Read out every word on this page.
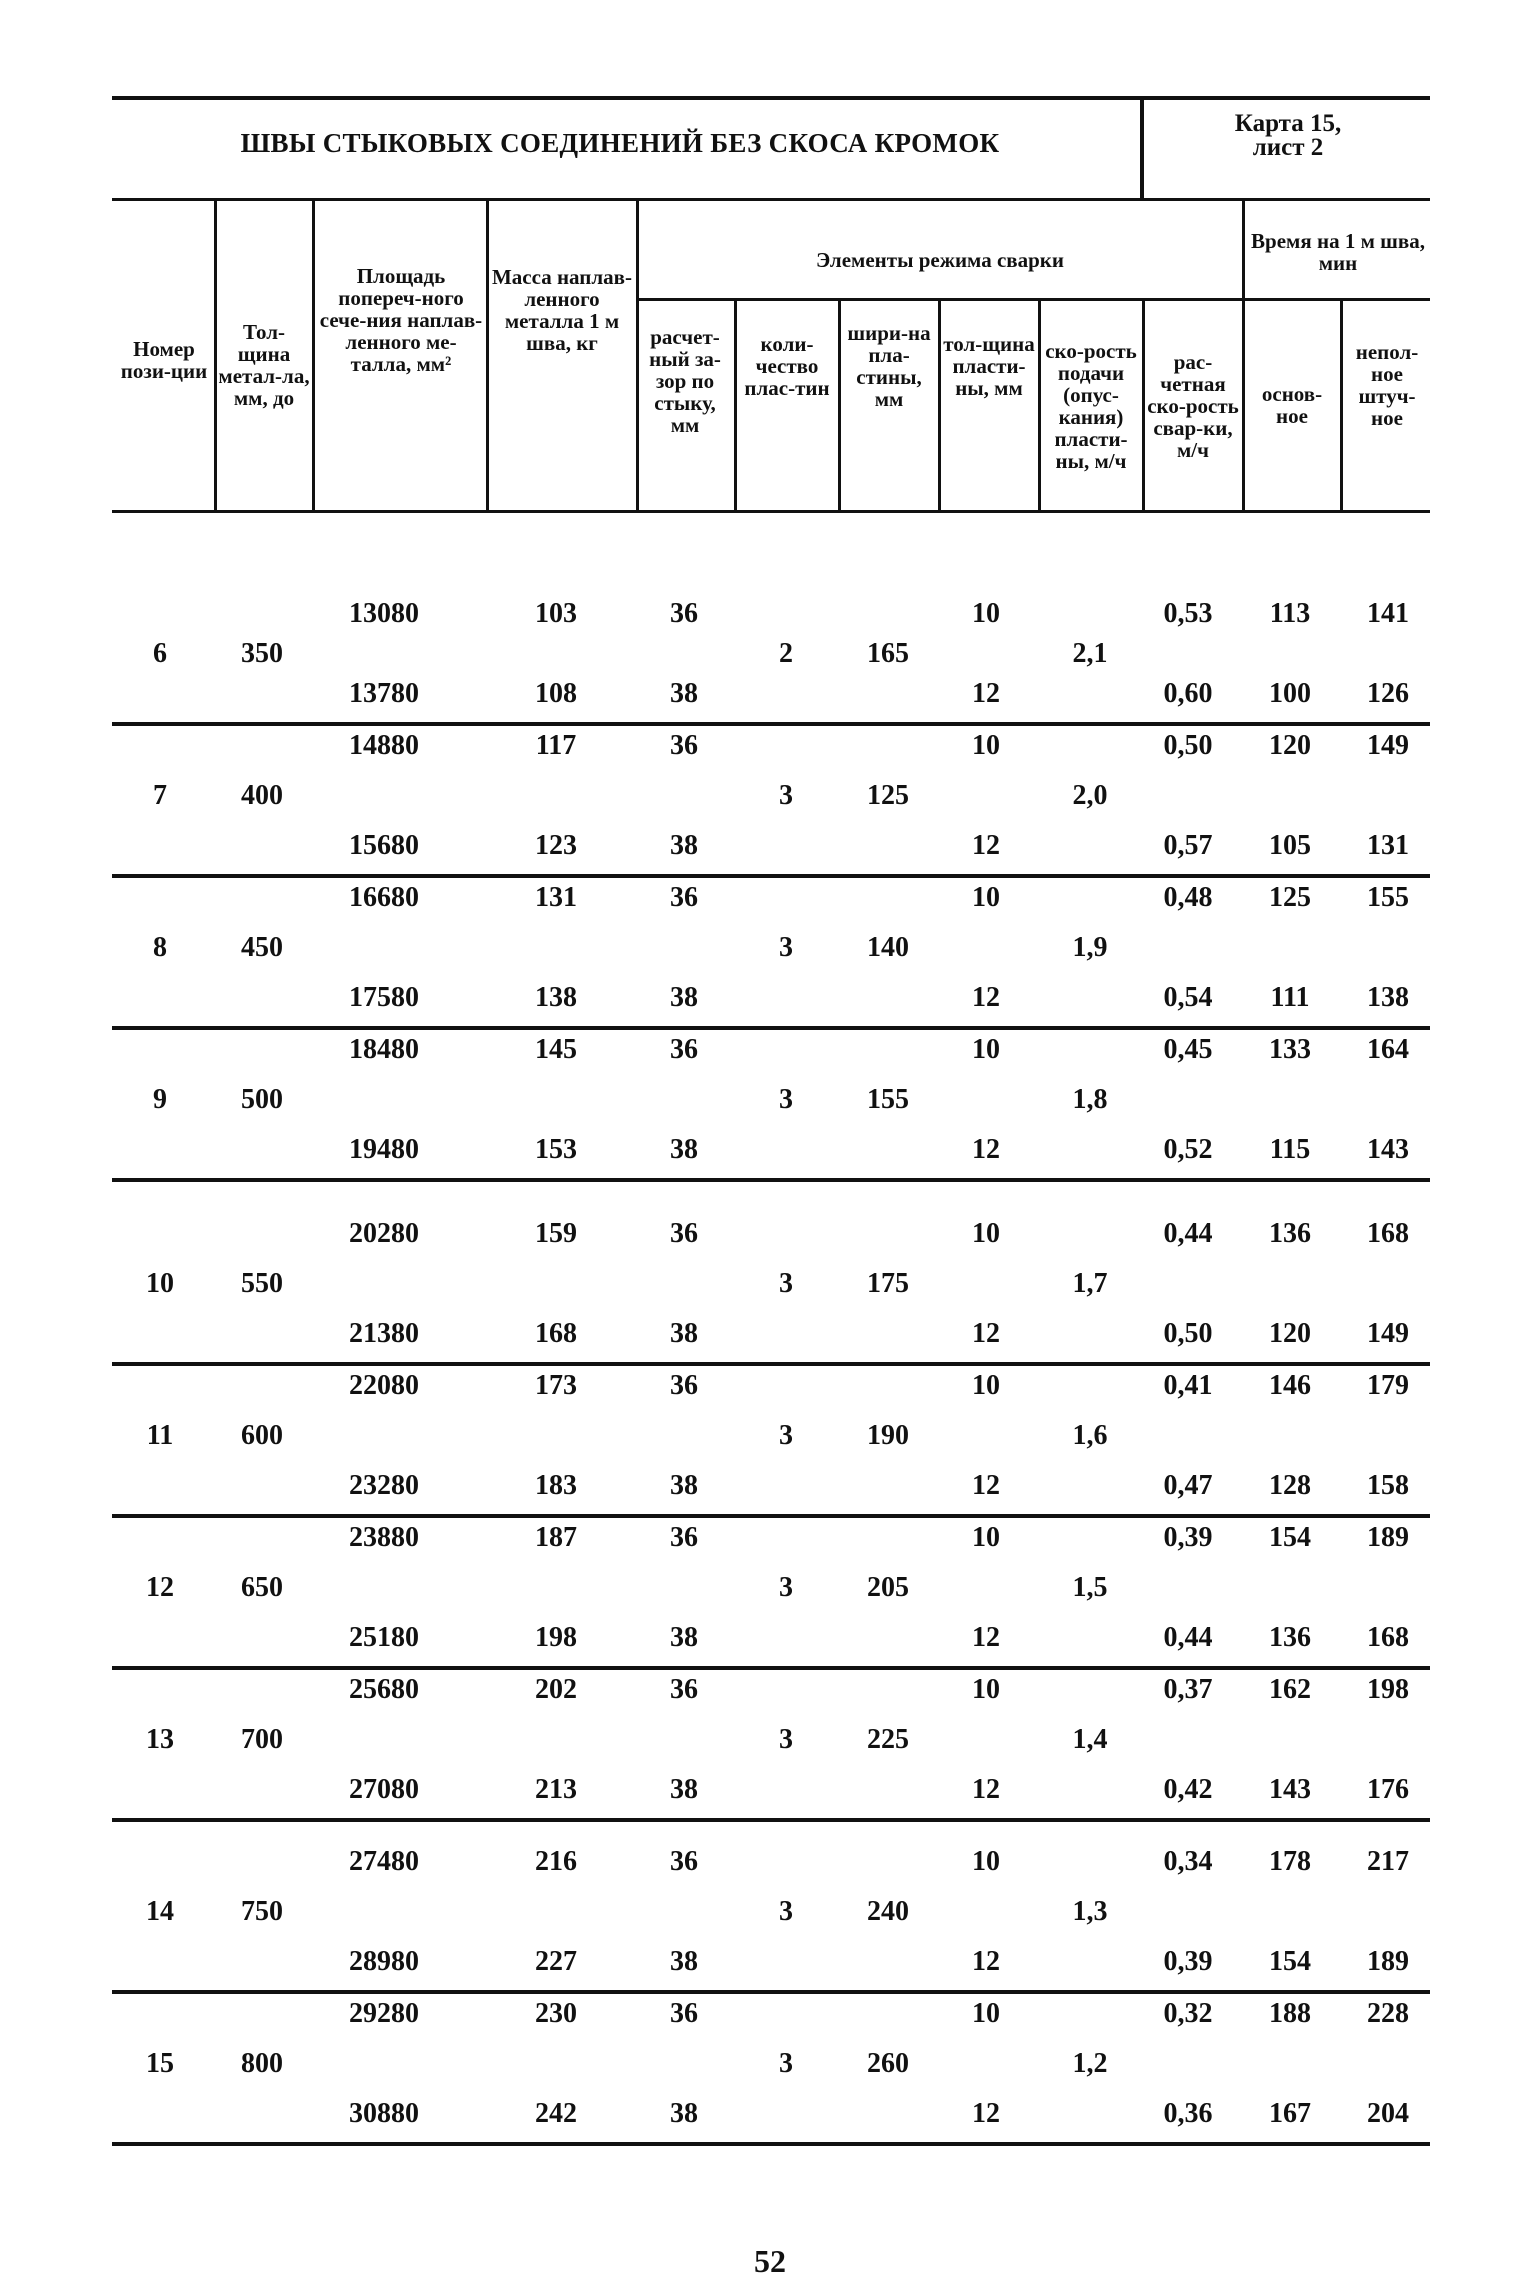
ШВЫ СТЫКОВЫХ СОЕДИНЕНИЙ БЕЗ СКОСА КРОМОК
Карта 15,
лист 2
Номер пози-ции
Тол-щина метал-ла, мм, до
Площадь попереч-ного сече-ния наплав-ленного ме-талла, мм²
Масса наплав-ленного металла 1 м шва, кг
Элементы режима сварки
расчет-ный за-зор по стыку, мм
коли-чество плас-тин
шири-на пла-стины, мм
тол-щина пласти-ны, мм
ско-рость подачи (опус-кания) пласти-ны, м/ч
рас-четная ско-рость свар-ки, м/ч
Время на 1 м шва, мин
основ-ное
непол-ное штуч-ное
6	350	2	165	2,1
13080	103	36	10	0,53 113 141
13780	108	38	12	0,60 100 126
7	400	3	125	2,0
14880	117	36	10	0,50 120 149
15680	123	38	12	0,57 105 131
8	450	3	140	1,9
16680	131	36	10	0,48 125 155
17580	138	38	12	0,54 111 138
9	500	3	155	1,8
18480	145	36	10	0,45 133 164
19480	153	38	12	0,52 115 143
10 550	3	175	1,7
20280	159	36	10	0,44 136 168
21380	168	38	12	0,50 120 149
11 600	3	190	1,6
22080	173	36	10	0,41 146 179
23280	183	38	12	0,47 128 158
12 650	3	205	1,5
23880	187	36	10	0,39 154 189
25180	198	38	12	0,44 136 168
13 700	3	225	1,4
25680	202	36	10	0,37 162 198
27080	213	38	12	0,42 143 176
14 750	3	240	1,3
27480	216	36	10	0,34 178 217
28980	227	38	12	0,39 154 189
15 800	3	260	1,2
29280	230	36	10	0,32 188 228
30880	242	38	12	0,36 167 204
52
